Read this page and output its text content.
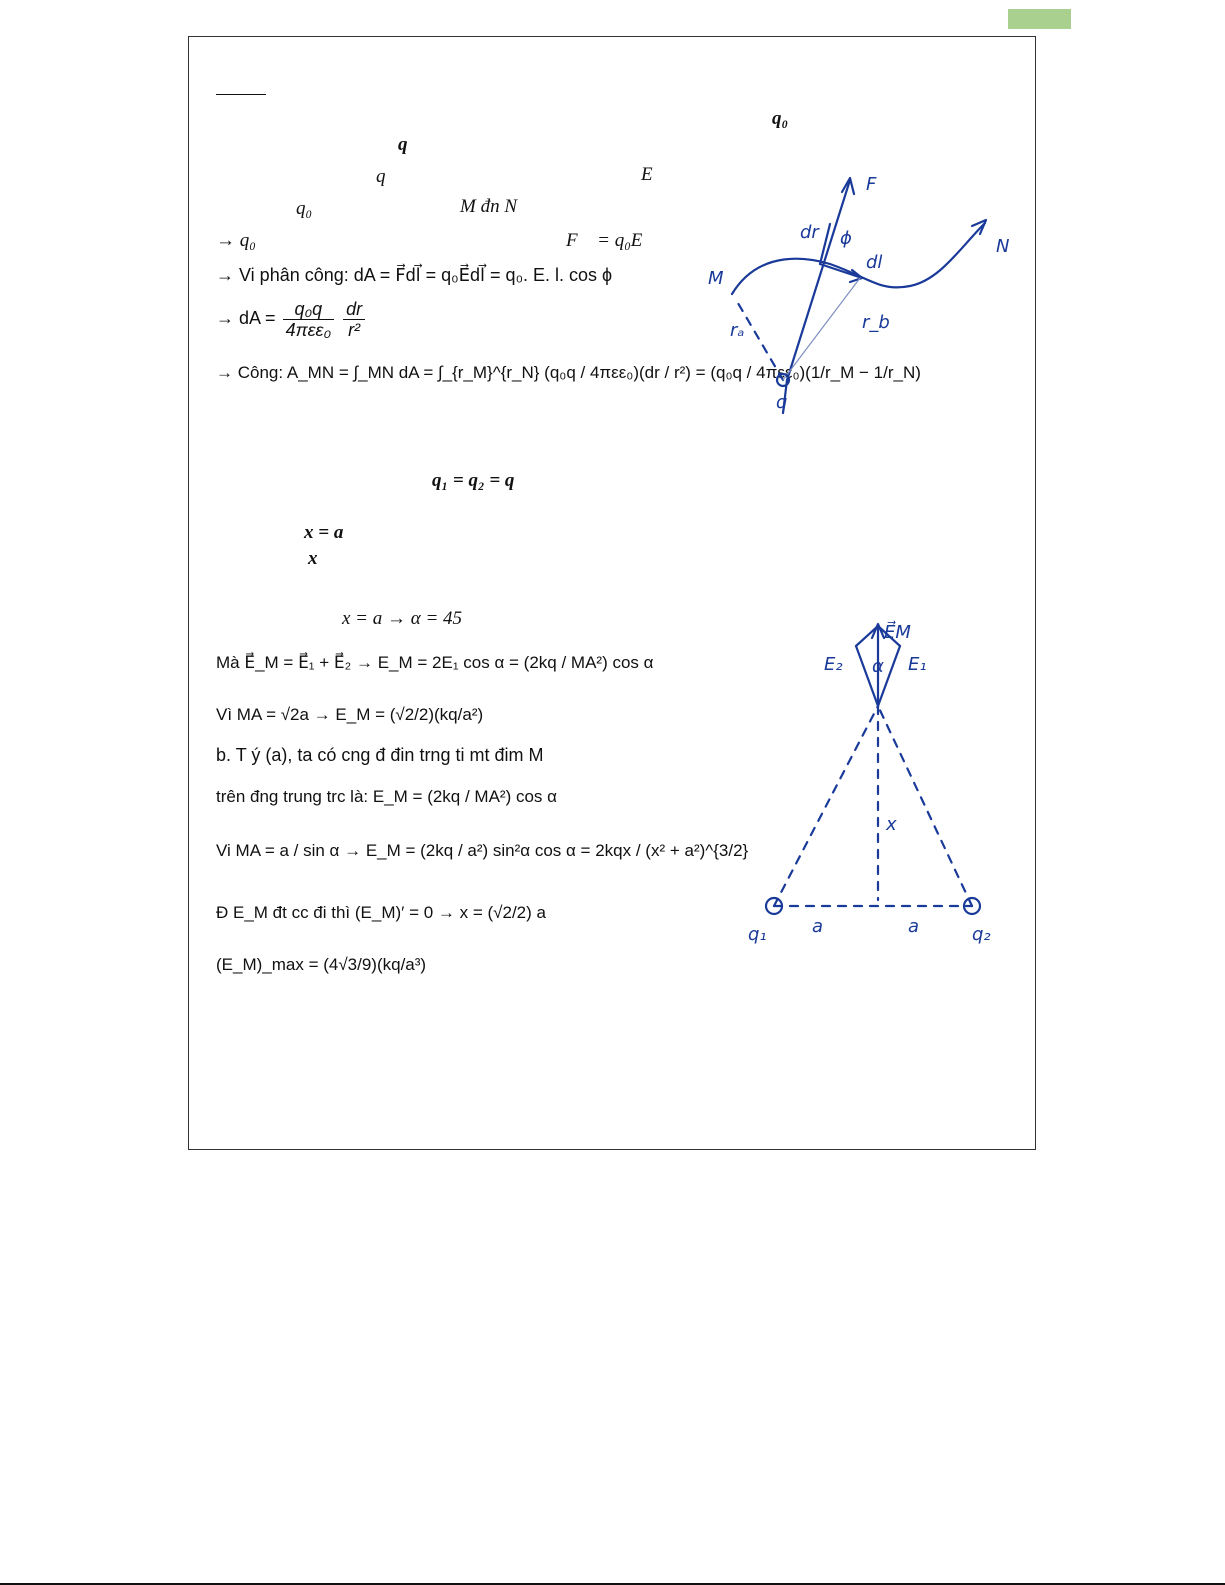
q₀
q
q	E⃗
q₀	M đn N
→ q₀	F⃗ = q₀E⃗
→ Vi phân công: dA = F⃗dl⃗ = q₀E⃗dl⃗ = q₀. E. l. cos ϕ
→ dA = $\frac{\text{q₀q}}{\text{4πεε₀}}$
$\frac{dr}{\text{r²}}$
→ Công: A_MN = ∫_MN dA = ∫_{r_M}^{r_N} (q₀q / 4πεε₀)(dr / r²) = (q₀q / 4πεε₀)(1/r_M − 1/r_N)
q₁ = q₂ = q
x = a
x
x = a → α = 45
Mà E⃗_M = E⃗₁ + E⃗₂ → E_M = 2E₁ cos α = (2kq / MA²) cos α
Vì MA = √2a → E_M = (√2/2)(kq/a²)
b. T ý (a), ta có cng đ đin trng ti mt đim M
trên đng trung trc là: E_M = (2kq / MA²) cos α
Vi MA = a / sin α → E_M = (2kq / a²) sin²α cos α = 2kqx / (x² + a²)^{3/2}
Đ E_M đt cc đi thì (E_M)′ = 0 → x = (√2/2) a
(E_M)_max = (4√3/9)(kq/a³)
F
dr ϕ
dl
N
M
rₐ	r_b
q
E⃗M
E₂	E₁
α
x
a	a
q₁	q₂
